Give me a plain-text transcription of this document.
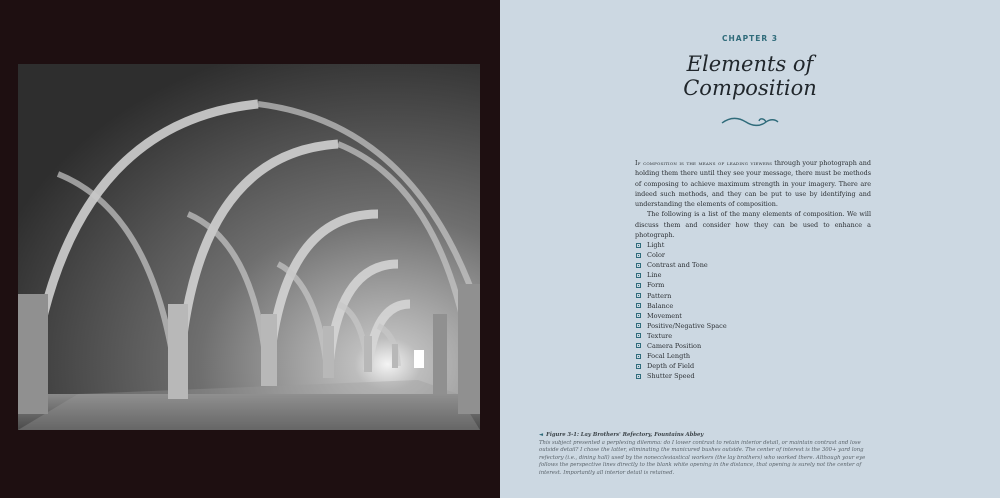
CHAPTER 3
Elements of
Composition

If composition is the means of leading viewers through your photograph and holding them there until they see your message, there must be methods of composing to achieve maximum strength in your imagery. There are indeed such methods, and they can be put to use by identifying and understanding the elements of composition.

The following is a list of the many elements of composition. We will discuss them and consider how they can be used to enhance a photograph.

Light
Color
Contrast and Tone
Line
Form
Pattern
Balance
Movement
Positive/Negative Space
Texture
Camera Position
Focal Length
Depth of Field
Shutter Speed
◄ Figure 3-1: Lay Brothers' Refectory, Fountains Abbey
This subject presented a perplexing dilemma: do I lower contrast to retain interior detail, or maintain contrast and lose outside detail? I chose the latter, eliminating the manicured bushes outside. The center of interest is the 300+ yard long refectory (i.e., dining hall) used by the nonecclesiastical workers (the lay brothers) who worked there. Although your eye follows the perspective lines directly to the blank white opening in the distance, that opening is surely not the center of interest. Importantly all interior detail is retained.
